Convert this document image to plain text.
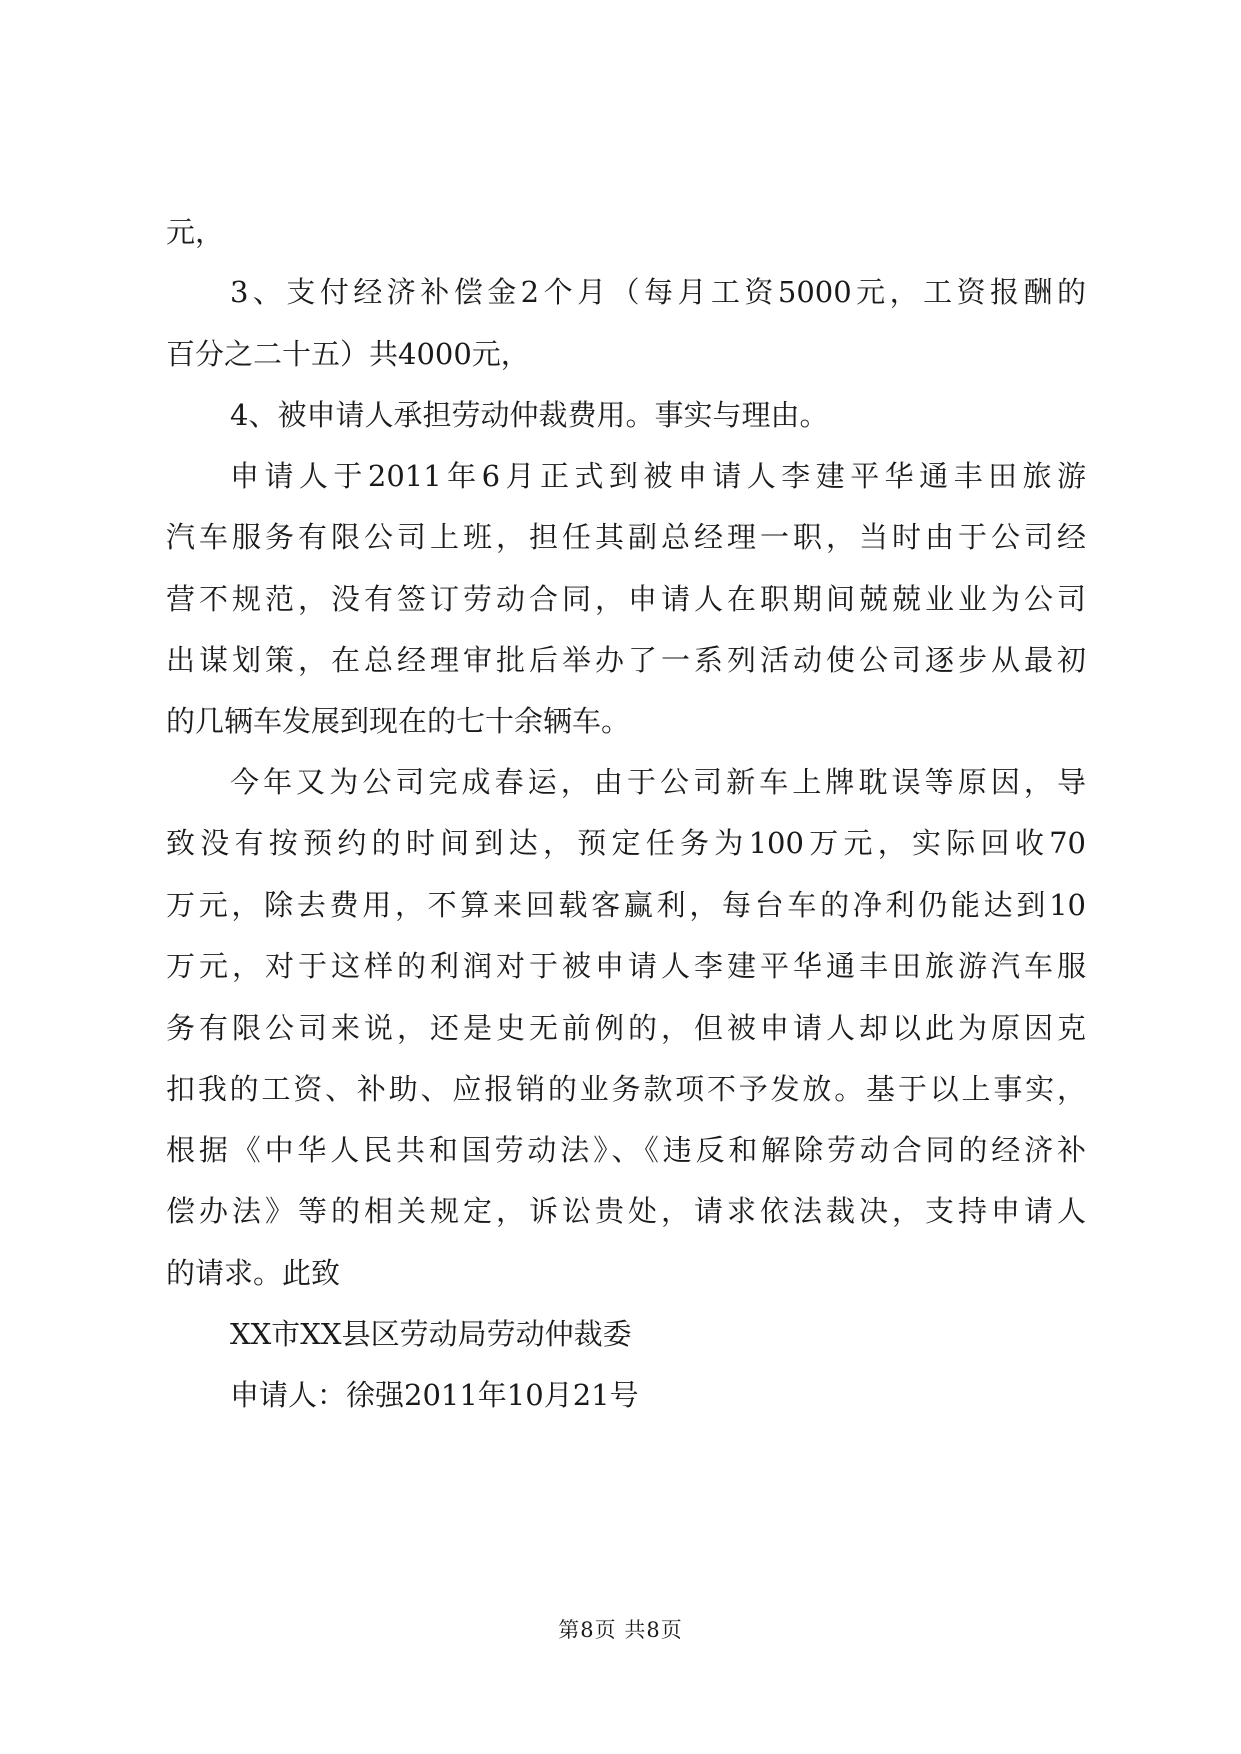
元，
3、支付经济补偿金2个月（每月工资5000元，工资报酬的
百分之二十五）共4000元，
4、被申请人承担劳动仲裁费用。事实与理由。
申请人于2011年6月正式到被申请人李建平华通丰田旅游
汽车服务有限公司上班，担任其副总经理一职，当时由于公司经
营不规范，没有签订劳动合同，申请人在职期间兢兢业业为公司
出谋划策，在总经理审批后举办了一系列活动使公司逐步从最初
的几辆车发展到现在的七十余辆车。
今年又为公司完成春运，由于公司新车上牌耽误等原因，导
致没有按预约的时间到达，预定任务为100万元，实际回收70
万元，除去费用，不算来回载客赢利，每台车的净利仍能达到10
万元，对于这样的利润对于被申请人李建平华通丰田旅游汽车服
务有限公司来说，还是史无前例的，但被申请人却以此为原因克
扣我的工资、补助、应报销的业务款项不予发放。基于以上事实，
根据《中华人民共和国劳动法》、《违反和解除劳动合同的经济补
偿办法》等的相关规定，诉讼贵处，请求依法裁决，支持申请人
的请求。此致
XX市XX县区劳动局劳动仲裁委
申请人：徐强2011年10月21号
第8页 共8页
